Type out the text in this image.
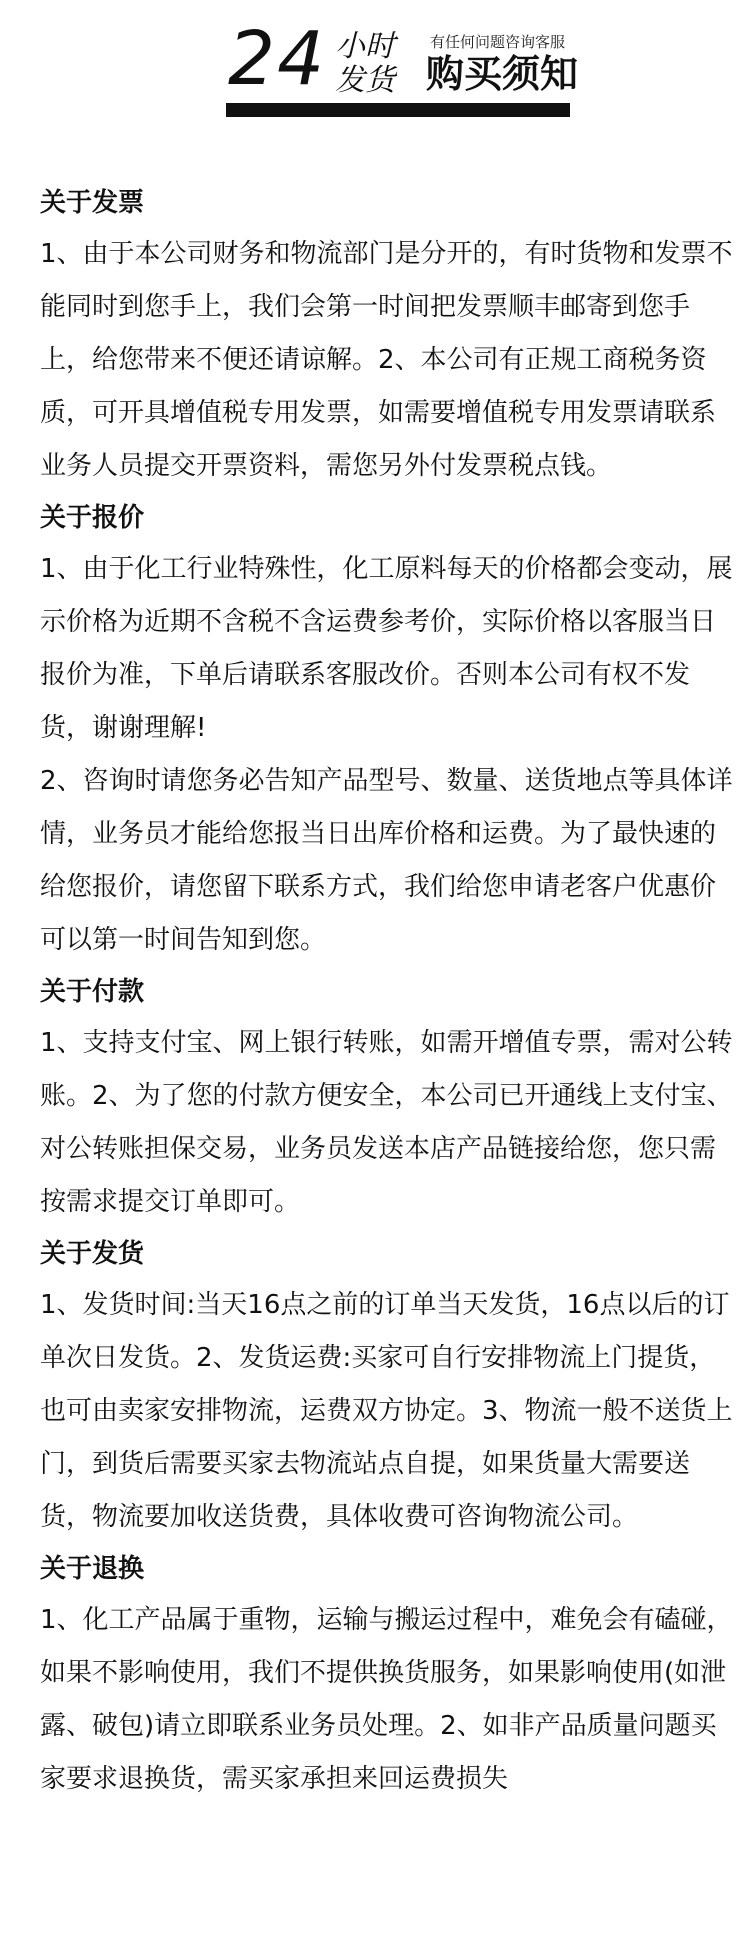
24 小时
发货
有任何问题咨询客服
购买须知

关于发票

1、由于本公司财务和物流部门是分开的，有时货物和发票不能同时到您手上，我们会第一时间把发票顺丰邮寄到您手上，给您带来不便还请谅解。2、本公司有正规工商税务资质，可开具增值税专用发票，如需要增值税专用发票请联系业务人员提交开票资料，需您另外付发票税点钱。

关于报价

1、由于化工行业特殊性，化工原料每天的价格都会变动，展示价格为近期不含税不含运费参考价，实际价格以客服当日报价为准，下单后请联系客服改价。否则本公司有权不发货，谢谢理解!

2、咨询时请您务必告知产品型号、数量、送货地点等具体详情，业务员才能给您报当日出库价格和运费。为了最快速的给您报价，请您留下联系方式，我们给您申请老客户优惠价可以第一时间告知到您。

关于付款

1、支持支付宝、网上银行转账，如需开增值专票，需对公转账。2、为了您的付款方便安全，本公司已开通线上支付宝、对公转账担保交易，业务员发送本店产品链接给您，您只需按需求提交订单即可。

关于发货

1、发货时间:当天16点之前的订单当天发货，16点以后的订单次日发货。2、发货运费:买家可自行安排物流上门提货，也可由卖家安排物流，运费双方协定。3、物流一般不送货上门，到货后需要买家去物流站点自提，如果货量大需要送货，物流要加收送货费，具体收费可咨询物流公司。

关于退换

1、化工产品属于重物，运输与搬运过程中，难免会有磕碰，如果不影响使用，我们不提供换货服务，如果影响使用(如泄露、破包)请立即联系业务员处理。2、如非产品质量问题买家要求退换货，需买家承担来回运费损失
